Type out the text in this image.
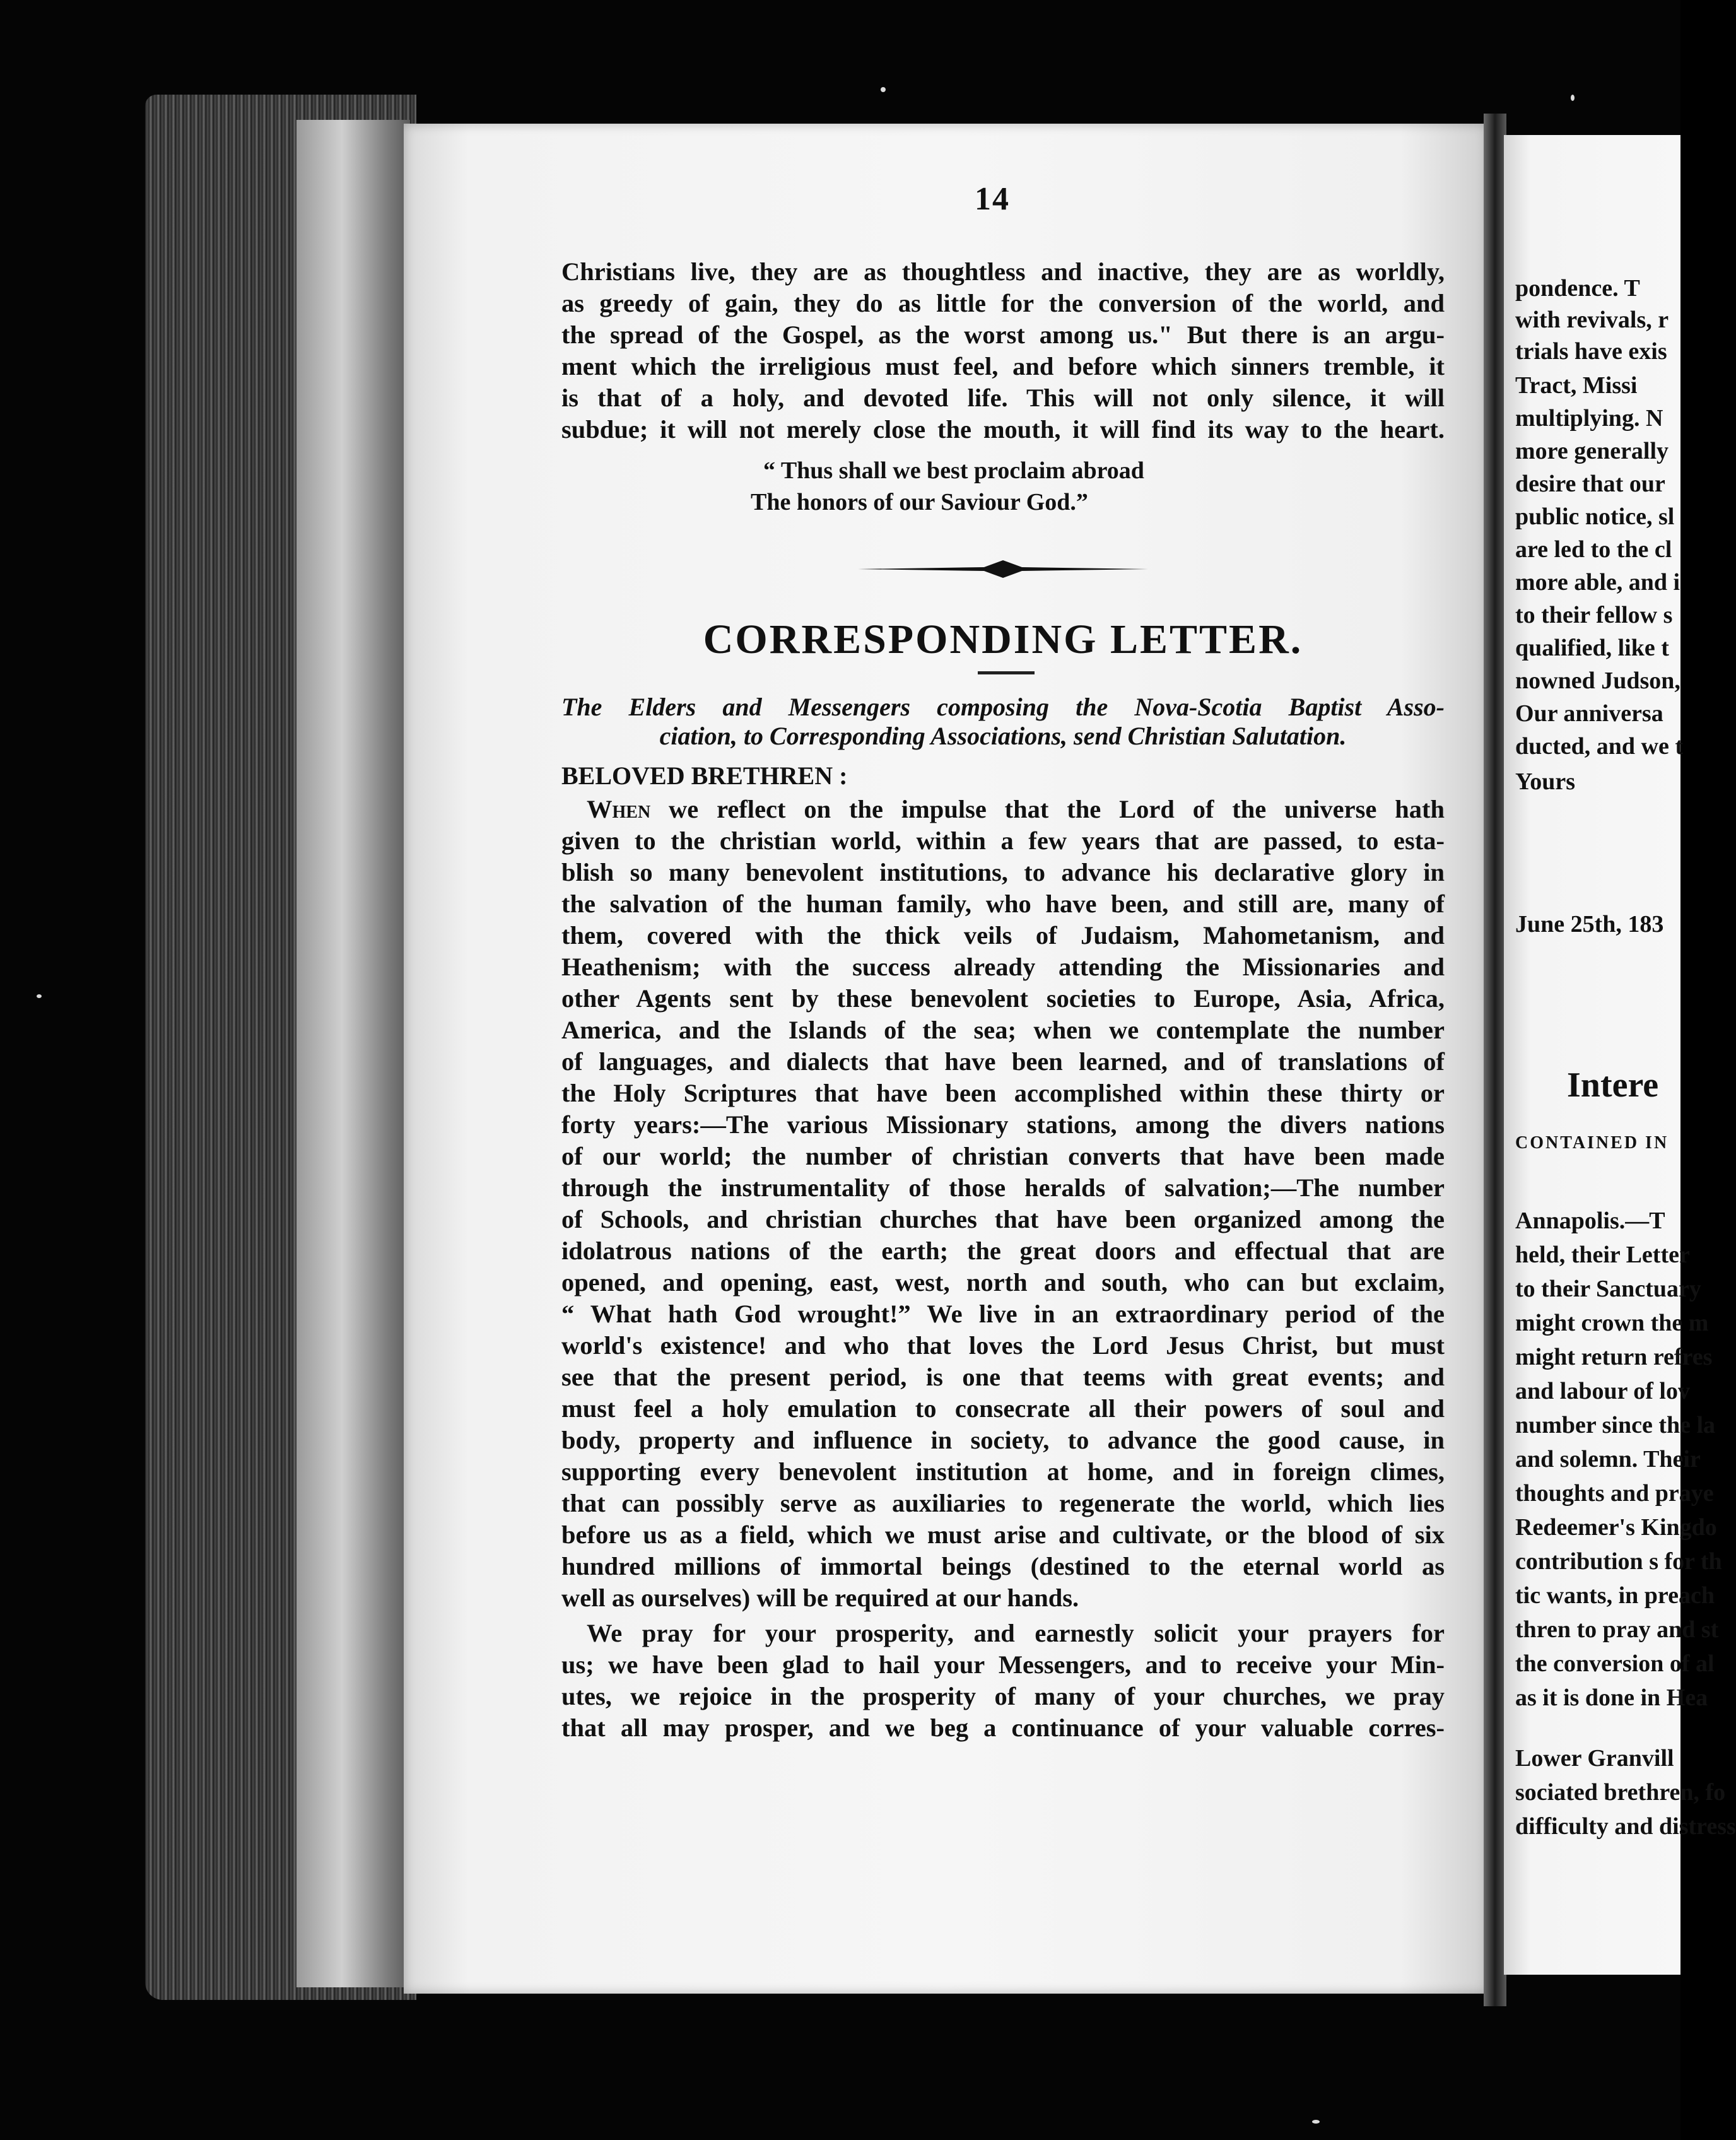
14
Christians live, they are as thoughtless and inactive, they are as worldly,
as greedy of gain, they do as little for the conversion of the world, and
the spread of the Gospel, as the worst among us." But there is an argu-
ment which the irreligious must feel, and before which sinners tremble, it
is that of a holy, and devoted life. This will not only silence, it will
subdue; it will not merely close the mouth, it will find its way to the heart.
“ Thus shall we best proclaim abroad
The honors of our Saviour God.”
CORRESPONDING LETTER.
The Elders and Messengers composing the Nova-Scotia Baptist Asso-
ciation, to Corresponding Associations, send Christian Salutation.
BELOVED BRETHREN :
When we reflect on the impulse that the Lord of the universe hath
given to the christian world, within a few years that are passed, to esta-
blish so many benevolent institutions, to advance his declarative glory in
the salvation of the human family, who have been, and still are, many of
them, covered with the thick veils of Judaism, Mahometanism, and
Heathenism; with the success already attending the Missionaries and
other Agents sent by these benevolent societies to Europe, Asia, Africa,
America, and the Islands of the sea; when we contemplate the number
of languages, and dialects that have been learned, and of translations of
the Holy Scriptures that have been accomplished within these thirty or
forty years:—The various Missionary stations, among the divers nations
of our world; the number of christian converts that have been made
through the instrumentality of those heralds of salvation;—The number
of Schools, and christian churches that have been organized among the
idolatrous nations of the earth; the great doors and effectual that are
opened, and opening, east, west, north and south, who can but exclaim,
“ What hath God wrought!” We live in an extraordinary period of the
world's existence! and who that loves the Lord Jesus Christ, but must
see that the present period, is one that teems with great events; and
must feel a holy emulation to consecrate all their powers of soul and
body, property and influence in society, to advance the good cause, in
supporting every benevolent institution at home, and in foreign climes,
that can possibly serve as auxiliaries to regenerate the world, which lies
before us as a field, which we must arise and cultivate, or the blood of six
hundred millions of immortal beings (destined to the eternal world as
well as ourselves) will be required at our hands.
We pray for your prosperity, and earnestly solicit your prayers for
us; we have been glad to hail your Messengers, and to receive your Min-
utes, we rejoice in the prosperity of many of your churches, we pray
that all may prosper, and we beg a continuance of your valuable corres-
pondence. T
with revivals, r
trials have exis
Tract, Missi
multiplying. N
more generally
desire that our
public notice, sl
are led to the cl
more able, and i
to their fellow s
qualified, like t
nowned Judson,
Our anniversa
ducted, and we t
Yours
June 25th, 183
Intere
CONTAINED IN
Annapolis.—T
held, their Letter
to their Sanctuary
might crown the m
might return refres
and labour of lov
number since the la
and solemn. Their
thoughts and praye
Redeemer's Kingdo
contribution s for th
tic wants, in preach
thren to pray and st
the conversion of al
as it is done in Hea
Lower Granvill
sociated brethren, fo
difficulty and distress
